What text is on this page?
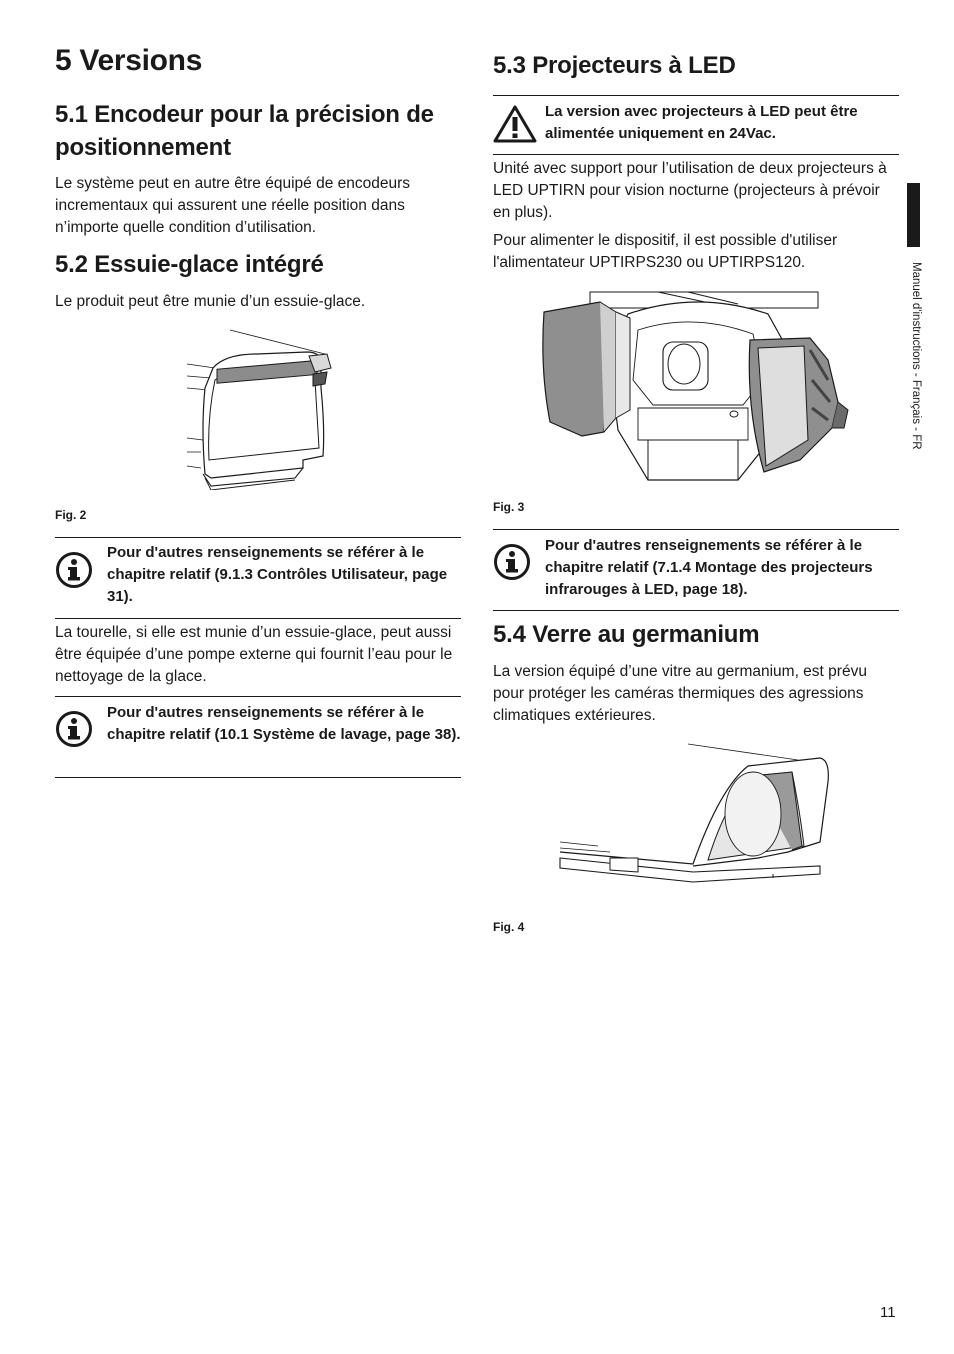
5 Versions
5.1 Encodeur pour la précision de positionnement

Le système peut en autre être équipé de encodeurs incrementaux qui assurent une réelle position dans n’importe quelle condition d’utilisation.

5.2 Essuie-glace intégré

Le produit peut être munie d’un essuie-glace.

Fig. 2
Pour d'autres renseignements se référer à le chapitre relatif (9.1.3 Contrôles Utilisateur, page 31).

La tourelle, si elle est munie d’un essuie-glace, peut aussi être équipée d’une pompe externe qui fournit l’eau pour le nettoyage de la glace.

Pour d'autres renseignements se référer à le chapitre relatif (10.1 Système de lavage, page 38).
5.3 Projecteurs à LED
La version avec projecteurs à LED peut être alimentée uniquement en 24Vac.

Unité avec support pour l’utilisation de deux projecteurs à LED UPTIRN pour vision nocturne (projecteurs à prévoir en plus).

Pour alimenter le dispositif, il est possible d'utiliser l'alimentateur UPTIRPS230 ou UPTIRPS120.

Fig. 3
Pour d'autres renseignements se référer à le chapitre relatif (7.1.4 Montage des projecteurs infrarouges à LED, page 18).
5.4 Verre au germanium

La version équipé d’une vitre au germanium, est prévu pour protéger les caméras thermiques des agressions climatiques extérieures.

Fig. 4
Manuel d'instructions - Français - FR
11
